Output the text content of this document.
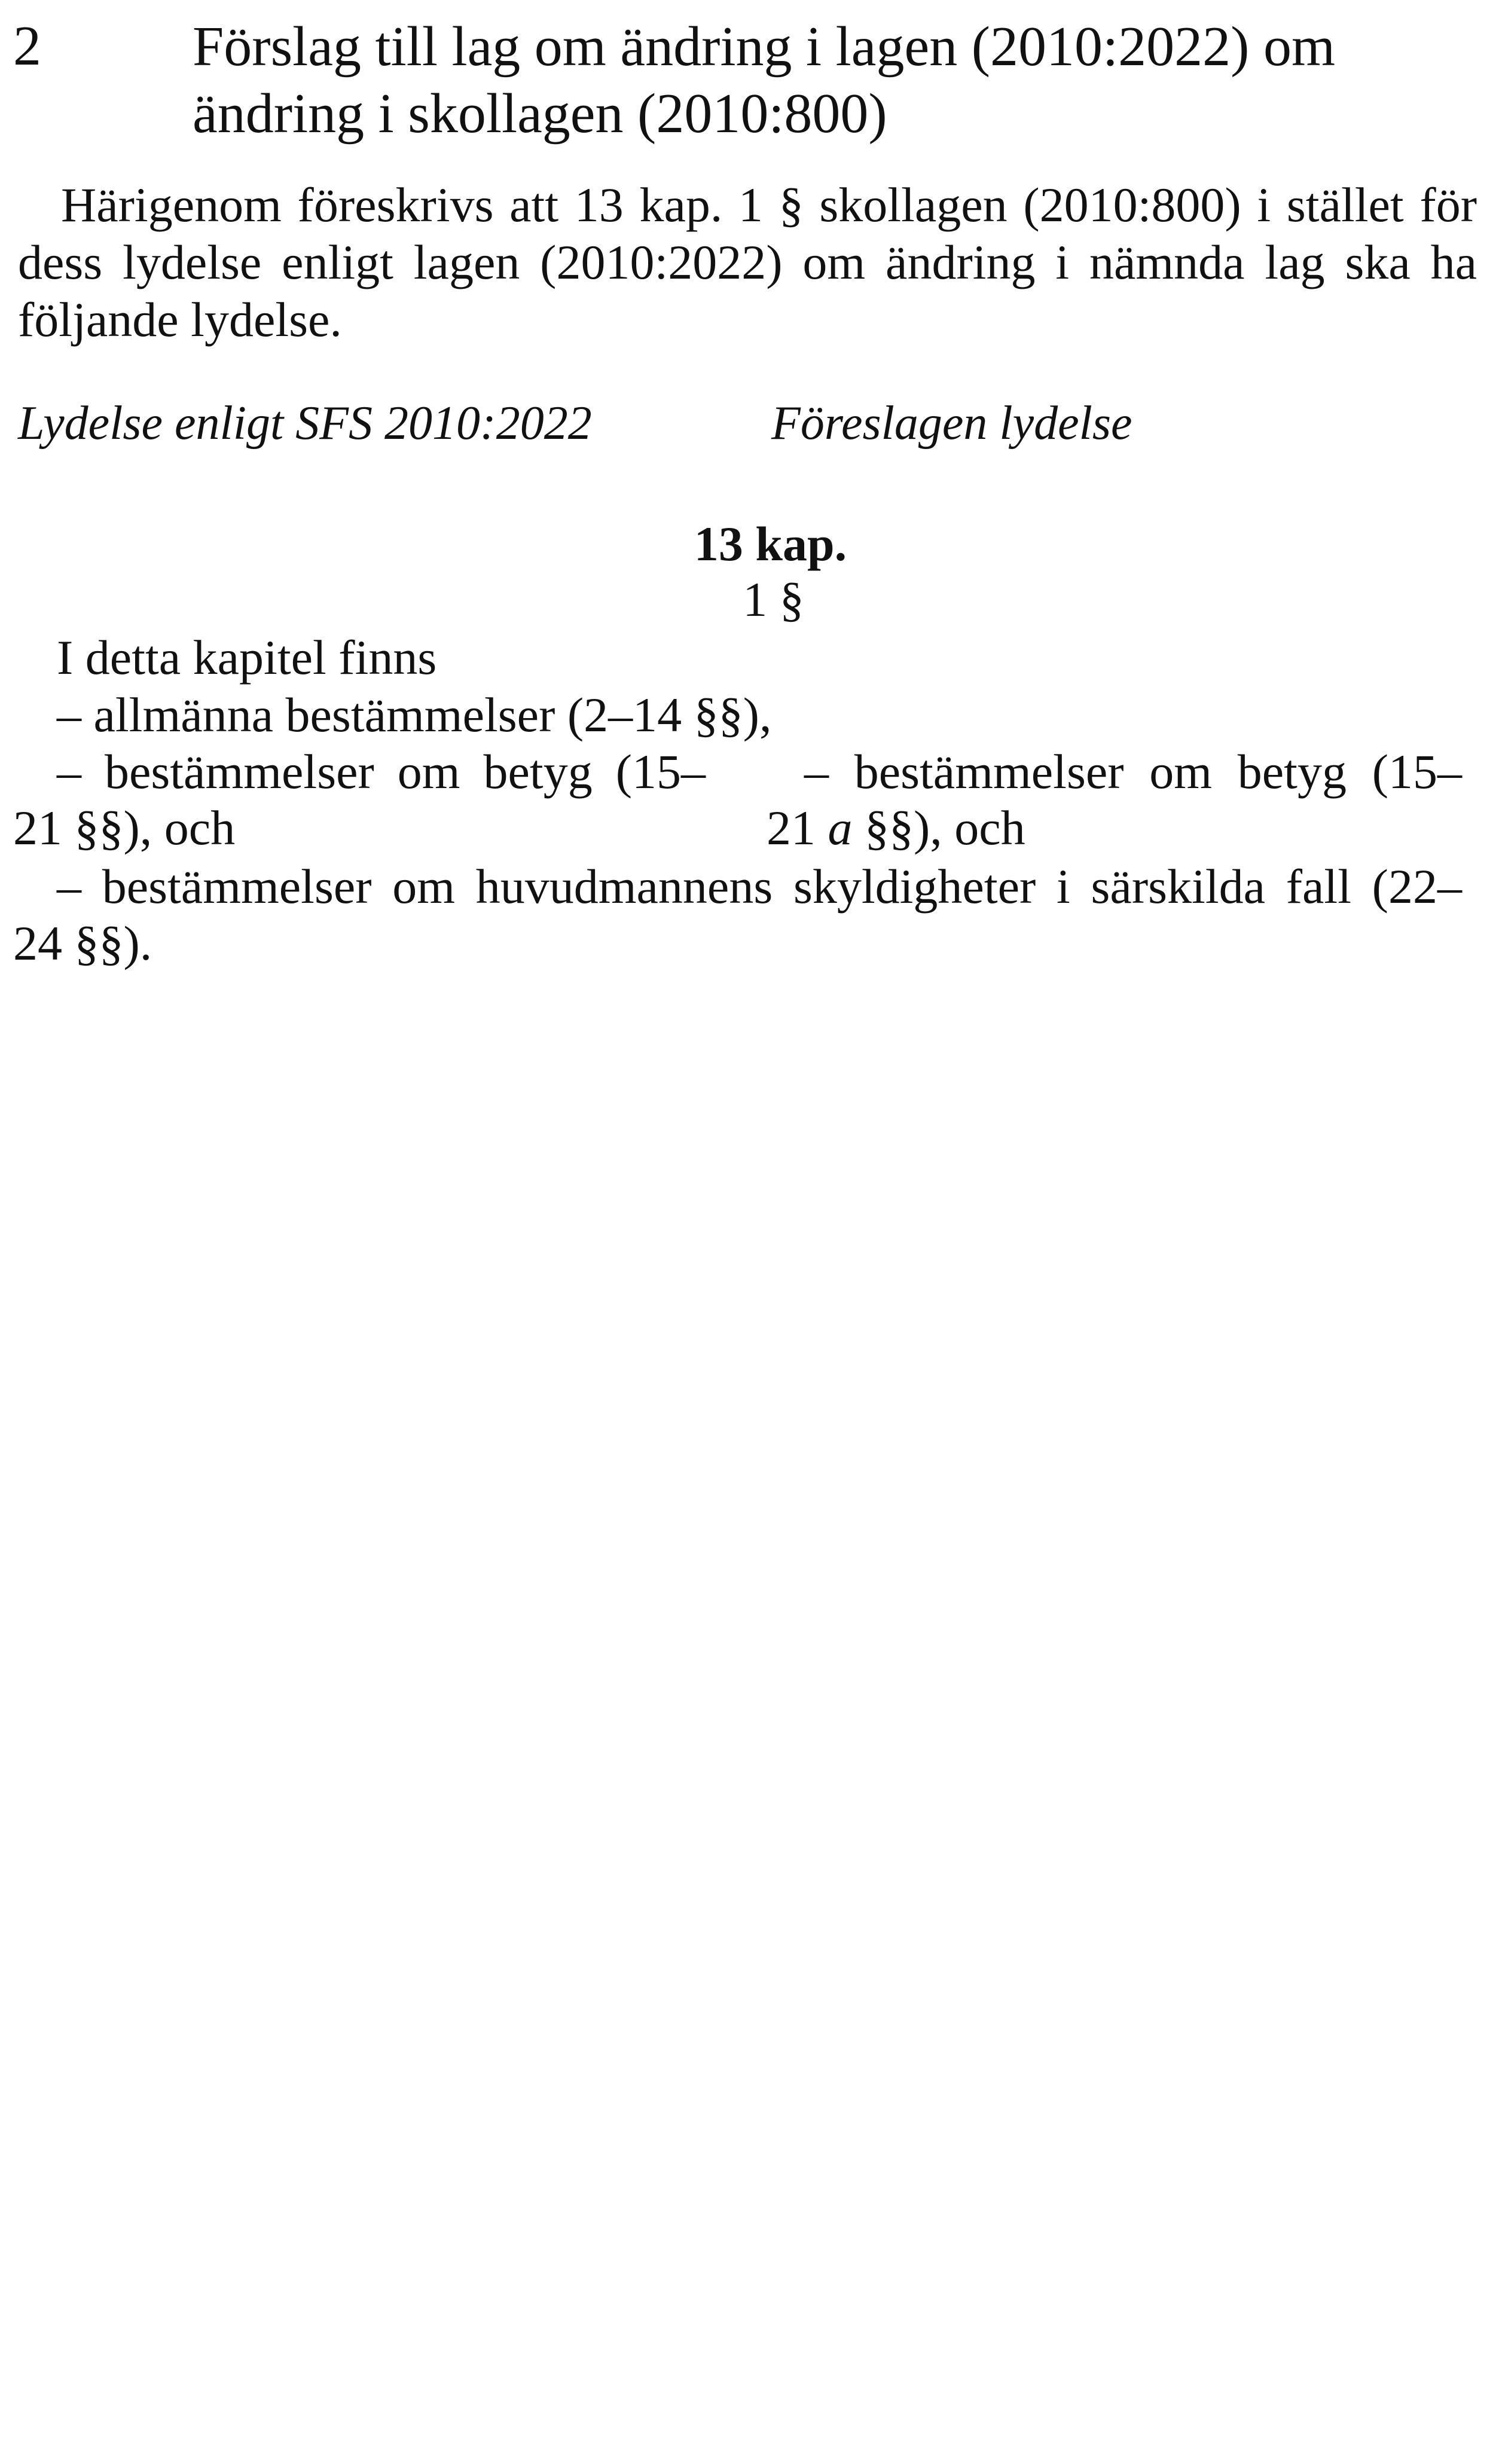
2	Förslag till lag om ändring i lagen (2010:2022) om
ändring i skollagen (2010:800)
Härigenom föreskrivs att 13 kap. 1 § skollagen (2010:800) i stället för
dess lydelse enligt lagen (2010:2022) om ändring i nämnda lag ska ha
följande lydelse.
Lydelse enligt SFS 2010:2022	Föreslagen lydelse
13 kap.
1 §
I detta kapitel finns
– allmänna bestämmelser (2–14 §§),
– bestämmelser om betyg (15–
21 §§), och
– bestämmelser om betyg (15–
21 a §§), och
– bestämmelser om huvudmannens skyldigheter i särskilda fall (22–
24 §§).
